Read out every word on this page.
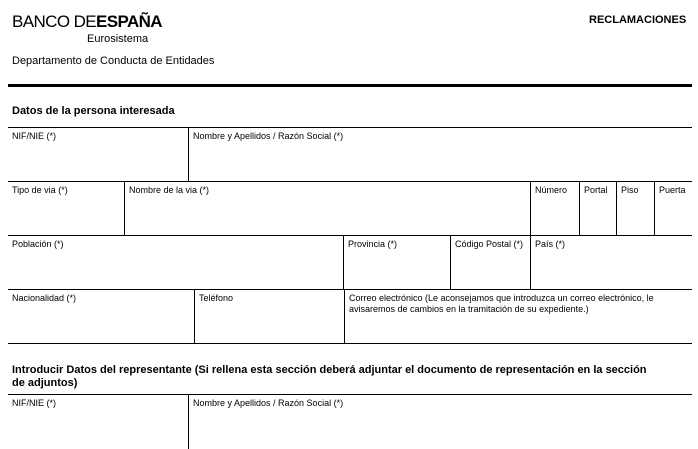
BANCO DEESPAÑA
Eurosistema
Departamento de Conducta de Entidades
RECLAMACIONES
Datos de la persona interesada
NIF/NIE (*)	Nombre y Apellidos / Razón Social (*)
Tipo de via (*)	Nombre de la via (*)	Número	Portal	Piso	Puerta
Población (*)	Provincia (*)	Código Postal (*)	País (*)
Nacionalidad (*)	Teléfono	Correo electrónico (Le aconsejamos que introduzca un correo electrónico, le avisaremos de cambios en la tramitación de su expediente.)
Introducir Datos del representante (Si rellena esta sección deberá adjuntar el documento de representación en la sección de adjuntos)
NIF/NIE (*)	Nombre y Apellidos / Razón Social (*)
